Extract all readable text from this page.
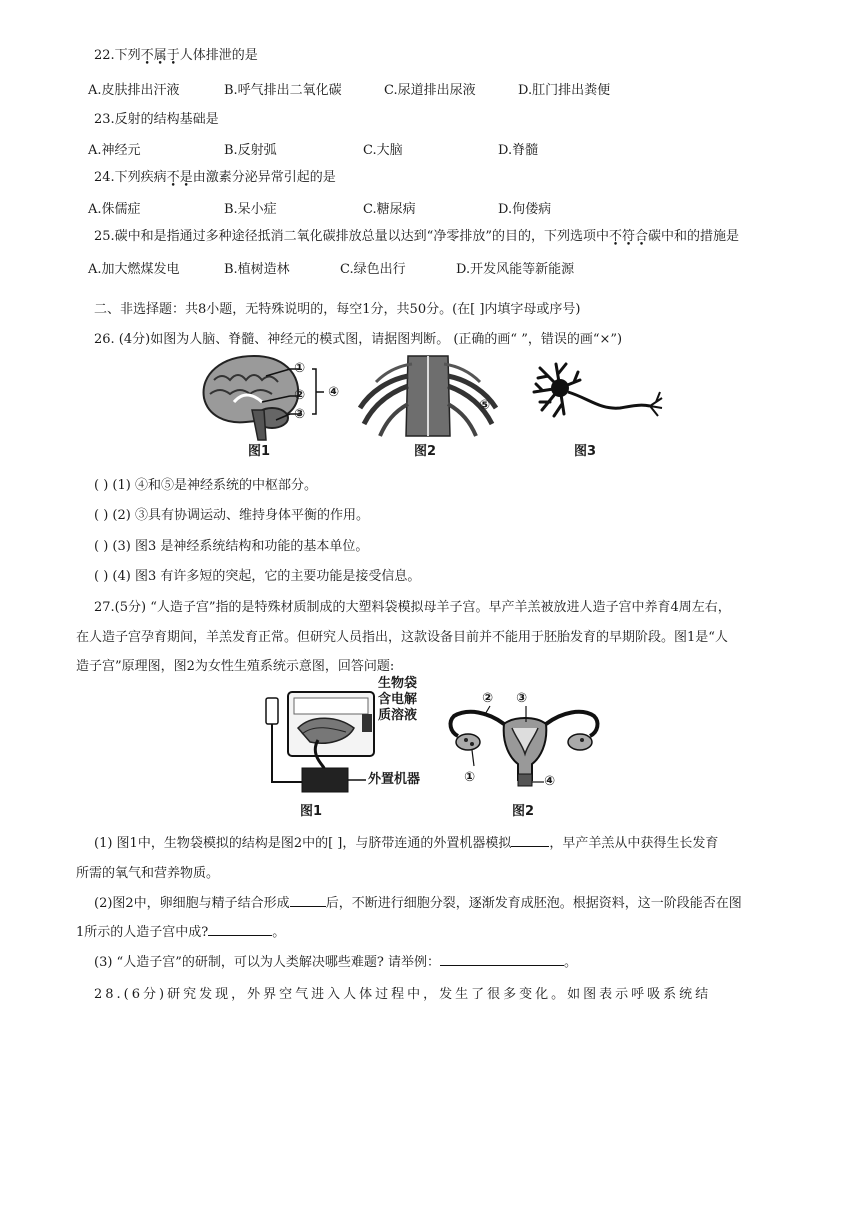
22.下列不属于人体排泄的是
A.皮肤排出汗液	B.呼气排出二氧化碳	C.尿道排出尿液	D.肛门排出粪便
23.反射的结构基础是
A.神经元	B.反射弧	C.大脑	D.脊髓
24.下列疾病不是由激素分泌异常引起的是
A.侏儒症	B.呆小症	C.糖尿病	D.佝偻病
25.碳中和是指通过多种途径抵消二氧化碳排放总量以达到“净零排放”的目的，下列选项中不符合碳中和的措施是
A.加大燃煤发电	B.植树造林	C.绿色出行	D.开发风能等新能源
二、非选择题：共8小题，无特殊说明的，每空1分，共50分。(在[ ]内填字母或序号)
26. (4分)如图为人脑、脊髓、神经元的模式图，请据图判断。 (正确的画“ ”，错误的画“×”)
①
②
③
④
图1
⑤
图2	图3
( ) (1) ④和⑤是神经系统的中枢部分。
( ) (2) ③具有协调运动、维持身体平衡的作用。
( ) (3) 图3 是神经系统结构和功能的基本单位。
( ) (4) 图3 有许多短的突起，它的主要功能是接受信息。
27.(5分) “人造子宫”指的是特殊材质制成的大塑料袋模拟母羊子宫。早产羊羔被放进人造子宫中养育4周左右，
在人造子宫孕育期间，羊羔发育正常。但研究人员指出，这款设备目前并不能用于胚胎发育的早期阶段。图1是“人
造子宫”原理图，图2为女性生殖系统示意图，回答问题:
生物袋
含电解
质溶液
外置机器
图1
② ③
①	④
图2
(1) 图1中，生物袋模拟的结构是图2中的[ ]，与脐带连通的外置机器模拟	，早产羊羔从中获得生长发育
所需的氧气和营养物质。
(2)图2中，卵细胞与精子结合形成	后，不断进行细胞分裂，逐渐发育成胚泡。根据资料，这一阶段能否在图
1所示的人造子宫中成?	。
(3) “人造子宫”的研制，可以为人类解决哪些难题? 请举例：	。
28.(6分)研究发现，外界空气进入人体过程中，发生了很多变化。如图表示呼吸系统结
